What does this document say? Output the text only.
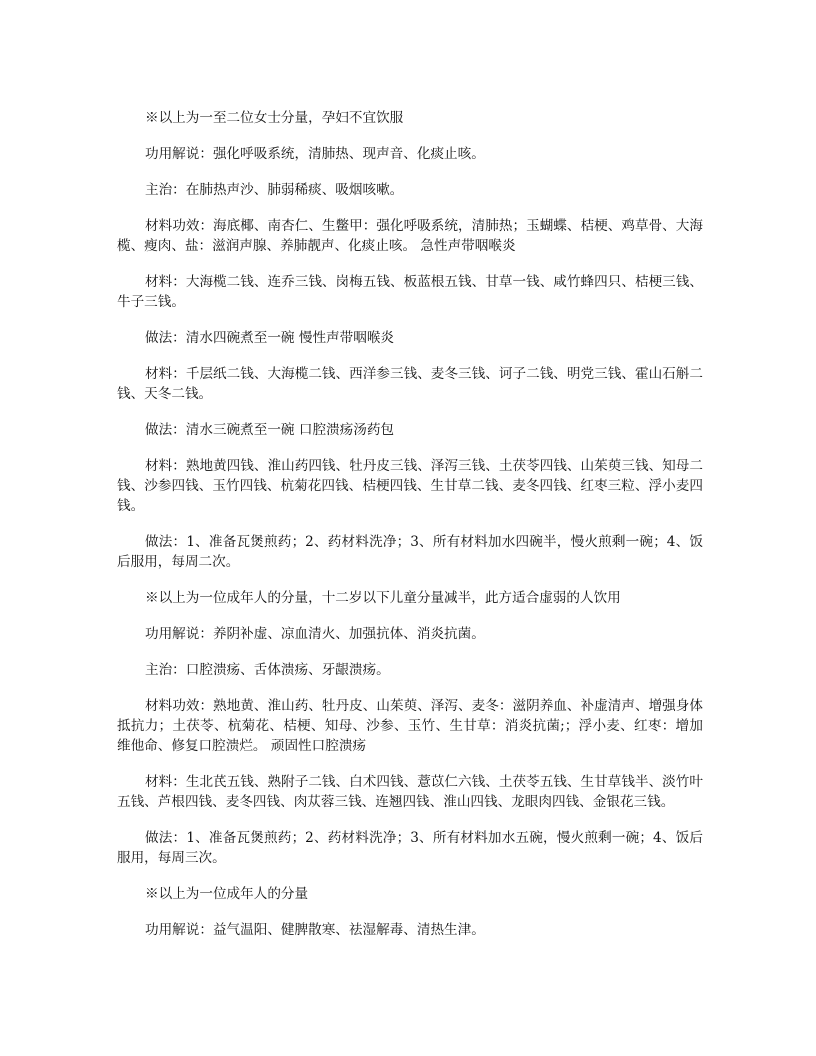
※以上为一至二位女士分量，孕妇不宜饮服

功用解说：强化呼吸系统，清肺热、现声音、化痰止咳。

主治：在肺热声沙、肺弱稀痰、吸烟咳嗽。

材料功效：海底椰、南杏仁、生鳖甲：强化呼吸系统，清肺热；玉蝴蝶、桔梗、鸡草骨、大海榄、瘦肉、盐：滋润声腺、养肺靓声、化痰止咳。 急性声带咽喉炎

材料：大海榄二钱、连乔三钱、岗梅五钱、板蓝根五钱、甘草一钱、咸竹蜂四只、桔梗三钱、牛子三钱。

做法：清水四碗煮至一碗 慢性声带咽喉炎

材料：千层纸二钱、大海榄二钱、西洋参三钱、麦冬三钱、诃子二钱、明党三钱、霍山石斛二钱、天冬二钱。

做法：清水三碗煮至一碗 口腔溃疡汤药包

材料：熟地黄四钱、淮山药四钱、牡丹皮三钱、泽泻三钱、土茯苓四钱、山茱萸三钱、知母二钱、沙参四钱、玉竹四钱、杭菊花四钱、桔梗四钱、生甘草二钱、麦冬四钱、红枣三粒、浮小麦四钱。

做法：1、准备瓦煲煎药；2、药材料洗净；3、所有材料加水四碗半，慢火煎剩一碗；4、饭后服用，每周二次。

※以上为一位成年人的分量，十二岁以下儿童分量减半，此方适合虚弱的人饮用

功用解说：养阴补虚、凉血清火、加强抗体、消炎抗菌。

主治：口腔溃疡、舌体溃疡、牙龈溃疡。

材料功效：熟地黄、淮山药、牡丹皮、山茱萸、泽泻、麦冬：滋阴养血、补虚清声、增强身体抵抗力；土茯苓、杭菊花、桔梗、知母、沙参、玉竹、生甘草：消炎抗菌;；浮小麦、红枣：增加维他命、修复口腔溃烂。 顽固性口腔溃疡

材料：生北芪五钱、熟附子二钱、白术四钱、薏苡仁六钱、土茯苓五钱、生甘草钱半、淡竹叶五钱、芦根四钱、麦冬四钱、肉苁蓉三钱、连翘四钱、淮山四钱、龙眼肉四钱、金银花三钱。

做法：1、准备瓦煲煎药；2、药材料洗净；3、所有材料加水五碗，慢火煎剩一碗；4、饭后服用，每周三次。

※以上为一位成年人的分量

功用解说：益气温阳、健脾散寒、祛湿解毒、清热生津。
